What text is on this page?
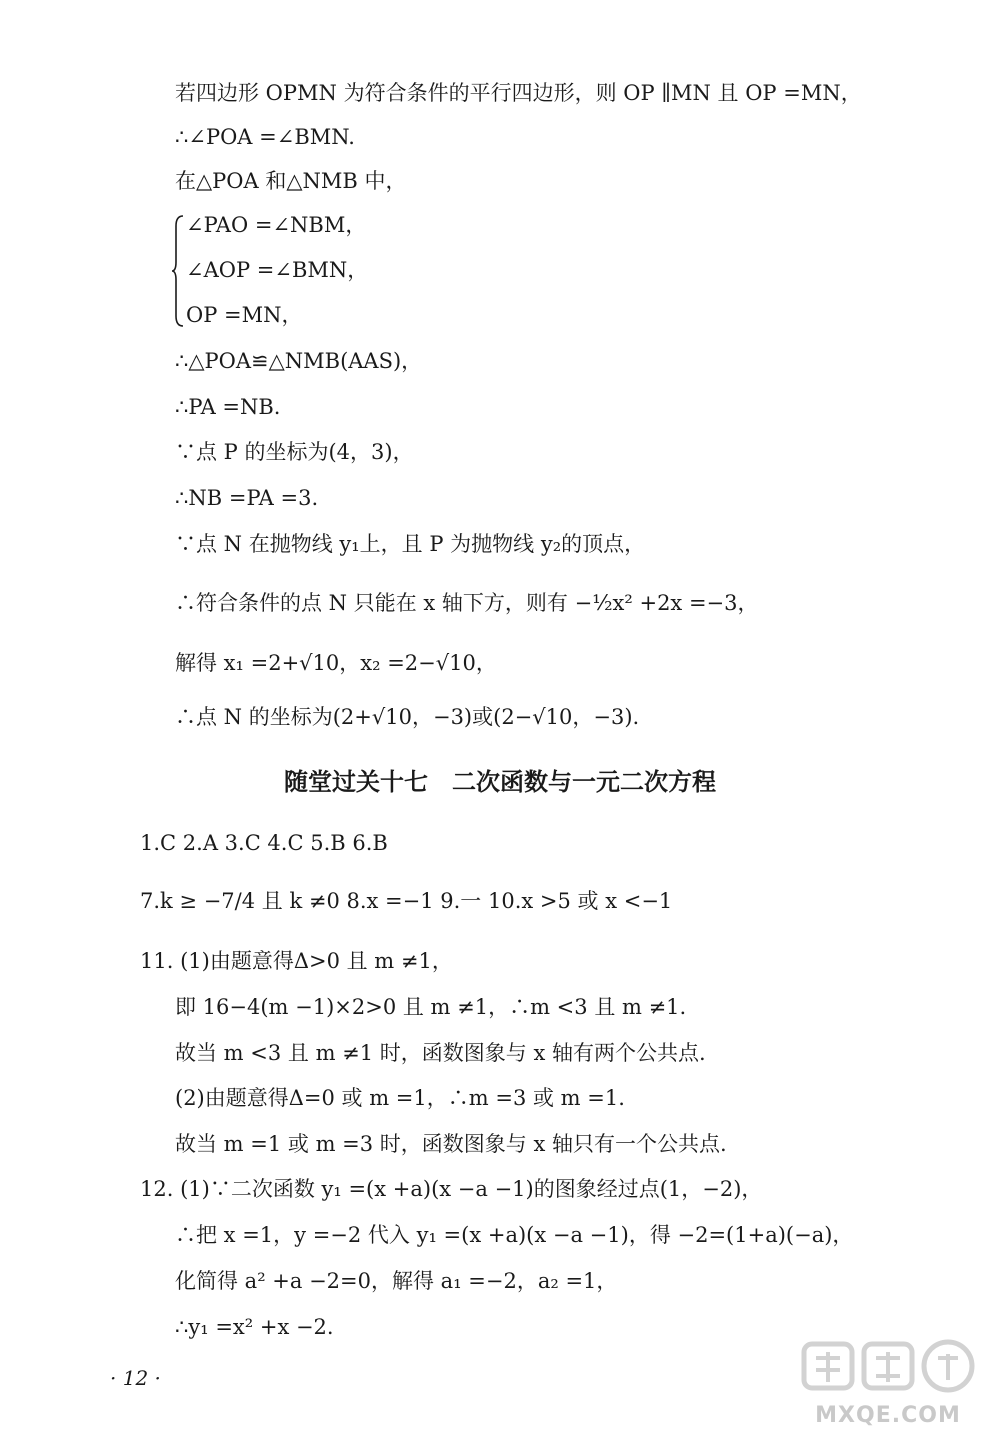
若四边形 OPMN 为符合条件的平行四边形，则 OP ∥MN 且 OP =MN，
∴∠POA =∠BMN.
在△POA 和△NMB 中，
∠PAO =∠NBM，
∠AOP =∠BMN，
OP =MN，
∴△POA≌△NMB(AAS)，
∴PA =NB.
∵点 P 的坐标为(4，3)，
∴NB =PA =3.
∵点 N 在抛物线 y₁上，且 P 为抛物线 y₂的顶点，
∴符合条件的点 N 只能在 x 轴下方，则有 −½x² +2x =−3，
解得 x₁ =2+√10，x₂ =2−√10，
∴点 N 的坐标为(2+√10，−3)或(2−√10，−3).
1.C 2.A 3.C 4.C 5.B 6.B
7.k ≥ −7/4 且 k ≠0 8.x =−1 9.一 10.x >5 或 x <−1
11. (1)由题意得Δ>0 且 m ≠1，
即 16−4(m −1)×2>0 且 m ≠1，∴m <3 且 m ≠1.
故当 m <3 且 m ≠1 时，函数图象与 x 轴有两个公共点.
(2)由题意得Δ=0 或 m =1，∴m =3 或 m =1.
故当 m =1 或 m =3 时，函数图象与 x 轴只有一个公共点.
12. (1)∵二次函数 y₁ =(x +a)(x −a −1)的图象经过点(1，−2)，
∴把 x =1，y =−2 代入 y₁ =(x +a)(x −a −1)，得 −2=(1+a)(−a)，
化简得 a² +a −2=0，解得 a₁ =−2，a₂ =1，
∴y₁ =x² +x −2.
随堂过关十七　二次函数与一元二次方程
· 12 ·
MXQE.COM
